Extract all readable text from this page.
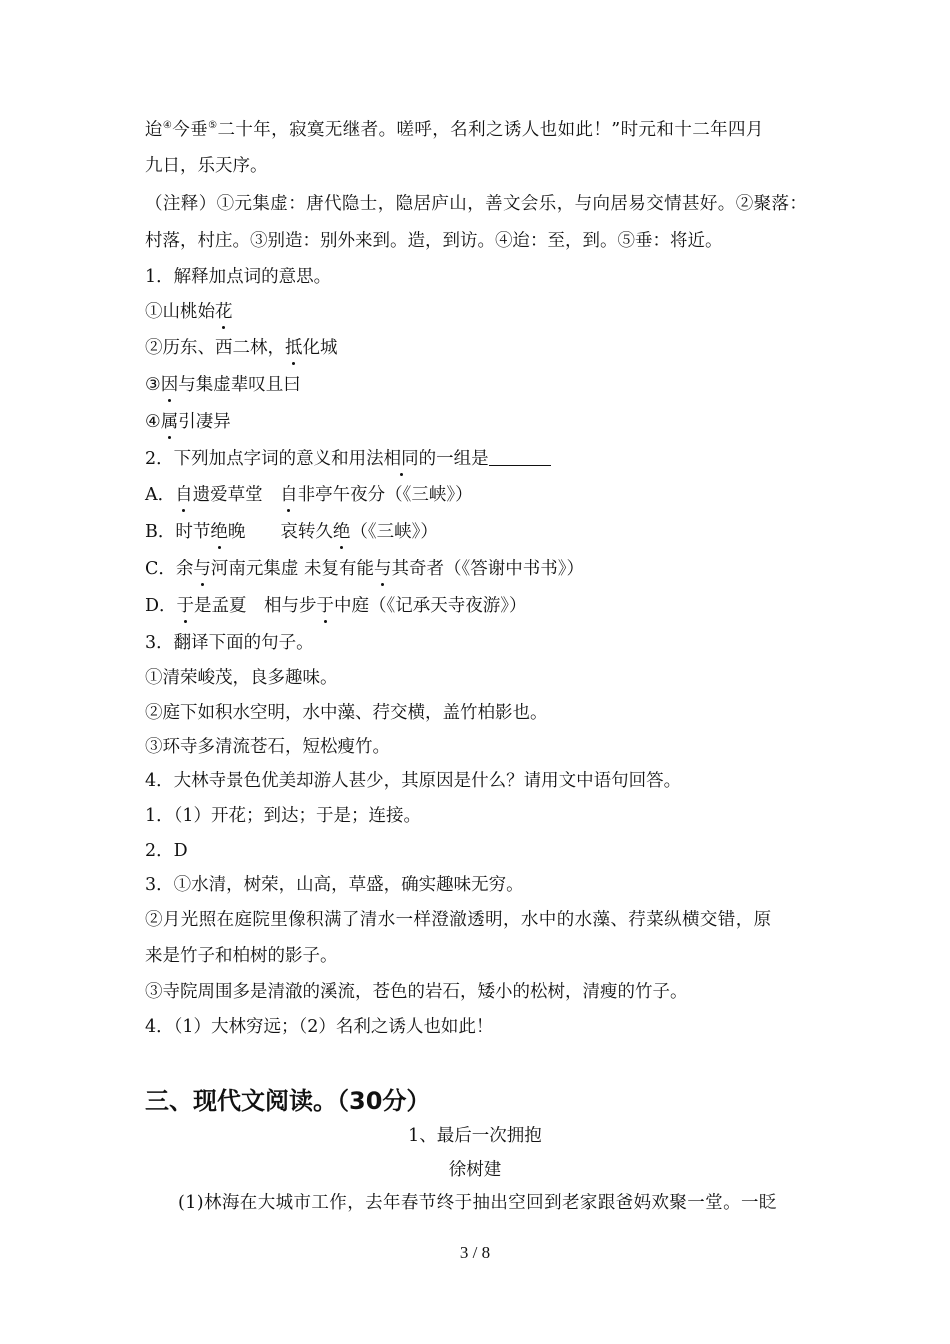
迨④今垂⑤二十年，寂寞无继者。嗟呼，名利之诱人也如此！”时元和十二年四月
九日，乐天序。
（注释）①元集虚：唐代隐士，隐居庐山，善文会乐，与向居易交情甚好。②聚落：
村落，村庄。③别造：别外来到。造，到访。④迨：至，到。⑤垂：将近。
1．解释加点词的意思。
①山桃始花
②历东、西二林，抵化城
③因与集虚辈叹且曰
④属引凄异
2．下列加点字词的意义和用法相同的一组是
A．自遗爱草堂　自非亭午夜分（《三峡》）
B．时节绝晚　　哀转久绝（《三峡》）
C．余与河南元集虚 未复有能与其奇者（《答谢中书书》）
D．于是孟夏　相与步于中庭（《记承天寺夜游》）
3．翻译下面的句子。
①清荣峻茂，良多趣味。
②庭下如积水空明，水中藻、荇交横，盖竹柏影也。
③环寺多清流苍石，短松瘦竹。
4．大林寺景色优美却游人甚少，其原因是什么？请用文中语句回答。
1．（1）开花；到达；于是；连接。
2．D
3．①水清，树荣，山高，草盛，确实趣味无穷。
②月光照在庭院里像积满了清水一样澄澈透明，水中的水藻、荇菜纵横交错，原
来是竹子和柏树的影子。
③寺院周围多是清澈的溪流，苍色的岩石，矮小的松树，清瘦的竹子。
4．（1）大林穷远；（2）名利之诱人也如此！
三、现代文阅读。（30分）
1、最后一次拥抱
徐树建
(1)林海在大城市工作，去年春节终于抽出空回到老家跟爸妈欢聚一堂。一眨
3 / 8
